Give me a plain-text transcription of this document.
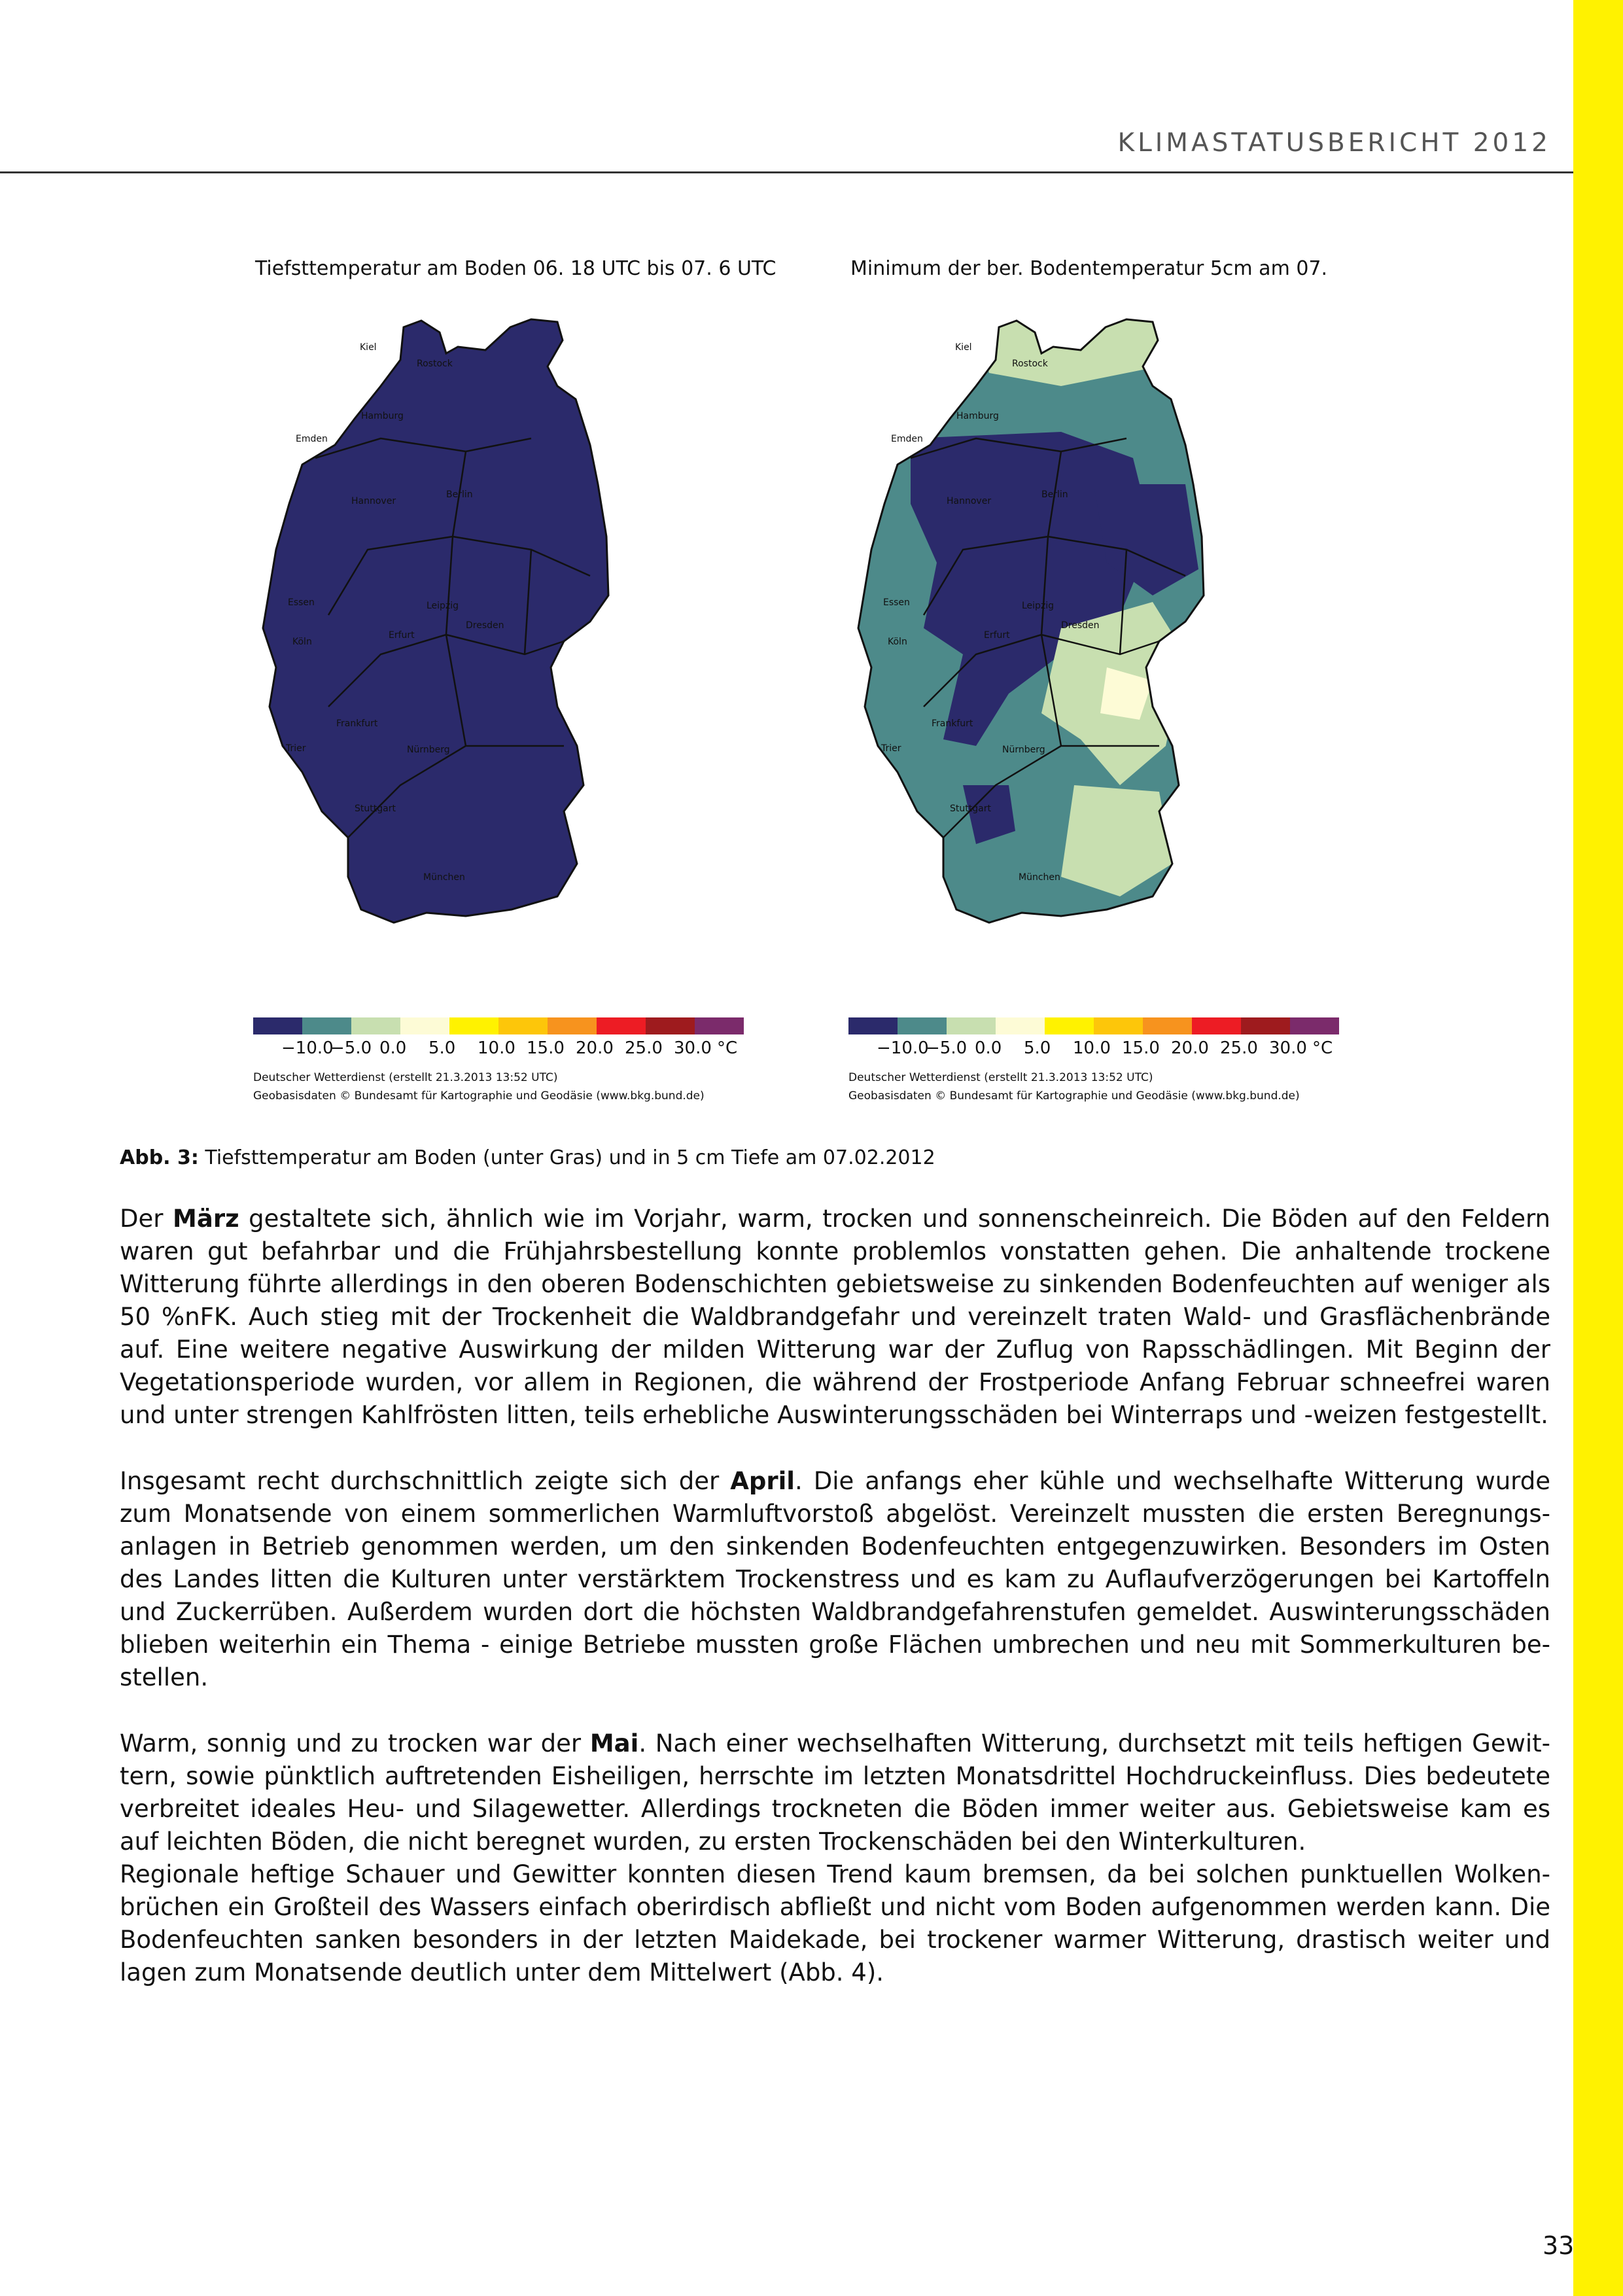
KLIMASTATUSBERICHT 2012
Tiefsttemperatur am Boden 06. 18 UTC bis 07. 6 UTC
Kiel
Rostock
Hamburg
Emden
Hannover
Berlin
Essen	Leipzig
Dresden
Köln
Erfurt
Frankfurt
Trier	Nürnberg
Stuttgart
München
−10.0
−5.0 0.0 5.0 10.0 15.0 20.0 25.0 30.0 °C
Deutscher Wetterdienst (erstellt 21.3.2013 13:52 UTC)
Geobasisdaten © Bundesamt für Kartographie und Geodäsie (www.bkg.bund.de)
Minimum der ber. Bodentemperatur 5cm am 07.
Kiel
Rostock
Hamburg
Emden
Hannover
Berlin
Essen	Leipzig
Dresden
Köln
Erfurt
Frankfurt
Trier	Nürnberg
Stuttgart
München
−10.0
−5.0 0.0 5.0 10.0 15.0 20.0 25.0 30.0 °C
Deutscher Wetterdienst (erstellt 21.3.2013 13:52 UTC)
Geobasisdaten © Bundesamt für Kartographie und Geodäsie (www.bkg.bund.de)
Abb. 3: Tiefsttemperatur am Boden (unter Gras) und in 5 cm Tiefe am 07.02.2012

Der März gestaltete sich, ähnlich wie im Vorjahr, warm, trocken und sonnenscheinreich. Die Böden auf den Feldern waren gut befahrbar und die Frühjahrsbestellung konnte problemlos vonstatten gehen. Die anhaltende trockene Witterung führte allerdings in den oberen Bodenschichten gebietsweise zu sinkenden Bodenfeuchten auf weniger als 50 %nFK. Auch stieg mit der Trockenheit die Waldbrandgefahr und vereinzelt traten Wald- und Grasflächenbrände auf. Eine weitere negative Auswirkung der milden Witterung war der Zuflug von Rapsschädlingen. Mit Beginn der Vegetationsperiode wurden, vor allem in Regionen, die während der Frostperiode Anfang Februar schneefrei waren und unter strengen Kahlfrösten litten, teils erhebliche Auswinterungsschäden bei Winterraps und -weizen festgestellt.

Insgesamt recht durchschnittlich zeigte sich der April. Die anfangs eher kühle und wechselhafte Witterung wurde zum Monatsende von einem sommerlichen Warmluftvorstoß abgelöst. Vereinzelt mussten die ersten Beregnungs-anlagen in Betrieb genommen werden, um den sinkenden Bodenfeuchten entgegenzuwirken. Besonders im Osten des Landes litten die Kulturen unter verstärktem Trockenstress und es kam zu Auflaufverzögerungen bei Kartoffeln und Zuckerrüben. Außerdem wurden dort die höchsten Waldbrandgefahrenstufen gemeldet. Auswinterungsschäden blieben weiterhin ein Thema - einige Betriebe mussten große Flächen umbrechen und neu mit Sommerkulturen be-stellen.

Warm, sonnig und zu trocken war der Mai. Nach einer wechselhaften Witterung, durchsetzt mit teils heftigen Gewit-tern, sowie pünktlich auftretenden Eisheiligen, herrschte im letzten Monatsdrittel Hochdruckeinfluss. Dies bedeutete verbreitet ideales Heu- und Silagewetter. Allerdings trockneten die Böden immer weiter aus. Gebietsweise kam es auf leichten Böden, die nicht beregnet wurden, zu ersten Trockenschäden bei den Winterkulturen.

Regionale heftige Schauer und Gewitter konnten diesen Trend kaum bremsen, da bei solchen punktuellen Wolken-brüchen ein Großteil des Wassers einfach oberirdisch abfließt und nicht vom Boden aufgenommen werden kann. Die Bodenfeuchten sanken besonders in der letzten Maidekade, bei trockener warmer Witterung, drastisch weiter und lagen zum Monatsende deutlich unter dem Mittelwert (Abb. 4).

33
